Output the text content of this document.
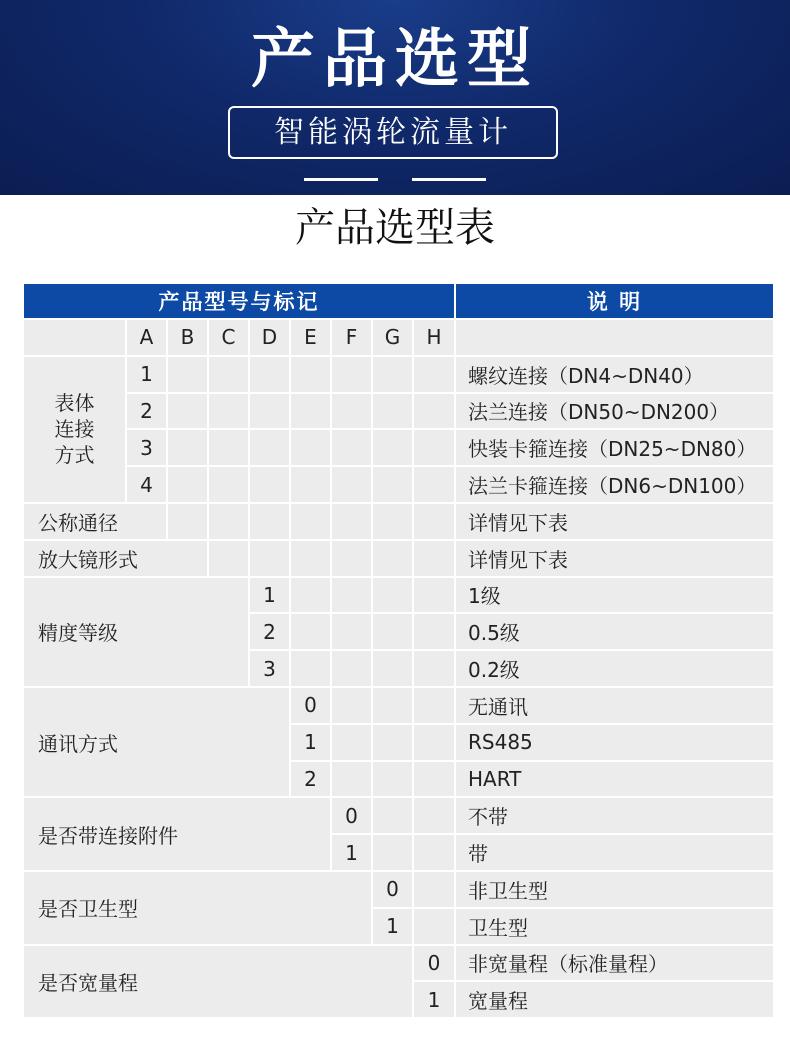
产品选型
智能涡轮流量计
产品选型表
产品型号与标记									说 明
	A	B	C	D	E	F	G	H	
表体
连接
方式	1								螺纹连接（DN4~DN40）
	2								法兰连接（DN50~DN200）
	3								快装卡箍连接（DN25~DN80）
	4								法兰卡箍连接（DN6~DN100）
公称通径									详情见下表
放大镜形式									详情见下表
精度等级				1					1级
				2					0.5级
				3					0.2级
通讯方式					0				无通讯
					1				RS485
					2				HART
是否带连接附件						0			不带
						1			带
是否卫生型							0		非卫生型
							1		卫生型
是否宽量程								0	非宽量程（标准量程）
								1	宽量程
